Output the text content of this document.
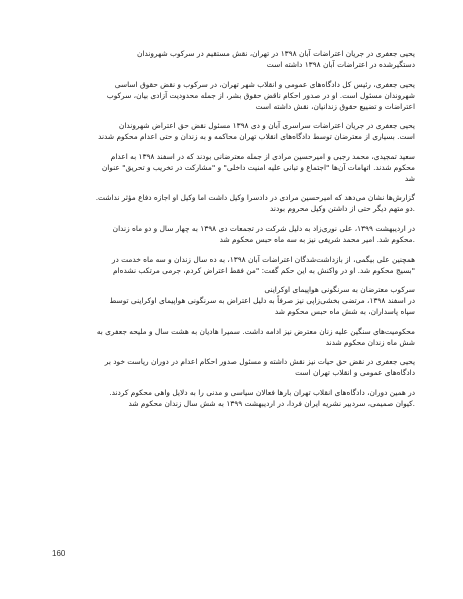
یحیی جعفری در جریان اعتراضات آبان ۱۳۹۸ در تهران، نقش مستقیم در سرکوب شهروندان
دستگیرشده در اعتراضات آبان ۱۳۹۸ داشته است
یحیی جعفری، رئیس کل دادگاه‌های عمومی و انقلاب شهر تهران، در سرکوب و نقض حقوق اساسی
شهروندان مسئول است. او در صدور احکام ناقض حقوق بشر، از جمله محدودیت آزادی بیان، سرکوب
اعتراضات و تضییع حقوق زندانیان، نقش داشته است
یحیی جعفری در جریان اعتراضات سراسری آبان و دی ۱۳۹۸ مسئول نقض حق اعتراض شهروندان
است. بسیاری از معترضان توسط دادگاه‌های انقلاب تهران محاکمه و به زندان و حتی اعدام محکوم شدند
سعید تمجیدی، محمد رجبی و امیرحسین مرادی از جمله معترضانی بودند که در اسفند ۱۳۹۸ به اعدام
محکوم شدند. اتهامات آن‌ها "اجتماع و تبانی علیه امنیت داخلی" و "مشارکت در تخریب و تحریق" عنوان
شد
گزارش‌ها نشان می‌دهد که امیرحسین مرادی در دادسرا وکیل داشت اما وکیل او اجازه دفاع مؤثر نداشت.
.دو متهم دیگر حتی از داشتن وکیل محروم بودند
در اردیبهشت ۱۳۹۹، علی نوری‌زاد به دلیل شرکت در تجمعات دی ۱۳۹۸ به چهار سال و دو ماه زندان
.محکوم شد. امیر محمد شریفی نیز به سه ماه حبس محکوم شد
همچنین علی بیگمی، از بازداشت‌شدگان اعتراضات آبان ۱۳۹۸، به ده سال زندان و سه ماه خدمت در
"بسیج محکوم شد. او در واکنش به این حکم گفت: "من فقط اعتراض کردم، جرمی مرتکب نشده‌ام
سرکوب معترضان به سرنگونی هواپیمای اوکراینی
در اسفند ۱۳۹۸، مرتضی بخشی‌زاپی نیز صرفاً به دلیل اعتراض به سرنگونی هواپیمای اوکراینی توسط
سپاه پاسداران، به شش ماه حبس محکوم شد
محکومیت‌های سنگین علیه زنان معترض نیز ادامه داشت. سمیرا هادیان به هشت سال و ملیحه جعفری به
شش ماه زندان محکوم شدند
یحیی جعفری در نقض حق حیات نیز نقش داشته و مسئول صدور احکام اعدام در دوران ریاست خود بر
دادگاه‌های عمومی و انقلاب تهران است
در همین دوران، دادگاه‌های انقلاب تهران بارها فعالان سیاسی و مدنی را به دلایل واهی محکوم کردند.
.کیوان صمیمی، سردبیر نشریه ایران فردا، در اردیبهشت ۱۳۹۹ به شش سال زندان محکوم شد
160
